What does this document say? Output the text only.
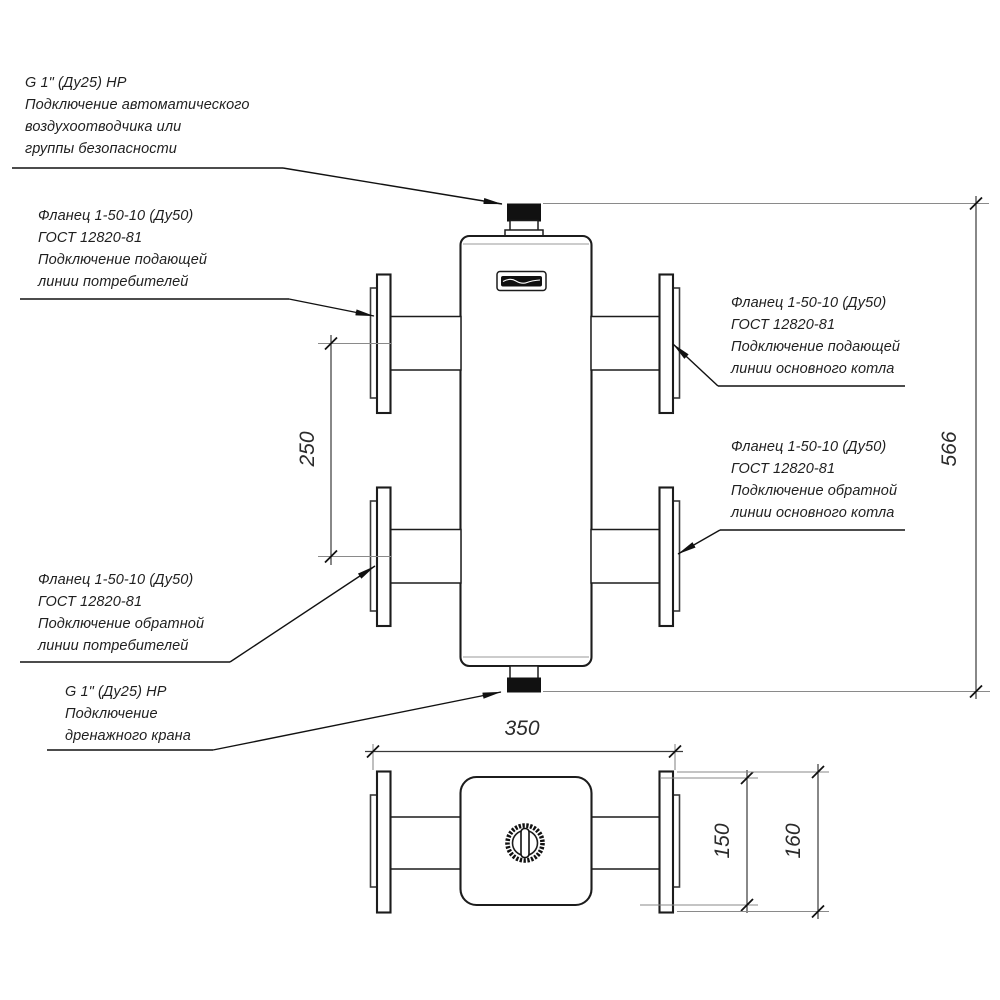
250	566
350
150 160
G 1" (Ду25) НР
Подключение автоматического
воздухоотводчика или
группы безопасности
Фланец 1-50-10 (Ду50)
ГОСТ 12820-81
Подключение подающей
линии потребителей
Фланец 1-50-10 (Ду50)
ГОСТ 12820-81
Подключение подающей
линии основного котла
Фланец 1-50-10 (Ду50)
ГОСТ 12820-81
Подключение обратной
линии основного котла
Фланец 1-50-10 (Ду50)
ГОСТ 12820-81
Подключение обратной
линии потребителей
G 1" (Ду25) НР
Подключение
дренажного крана
